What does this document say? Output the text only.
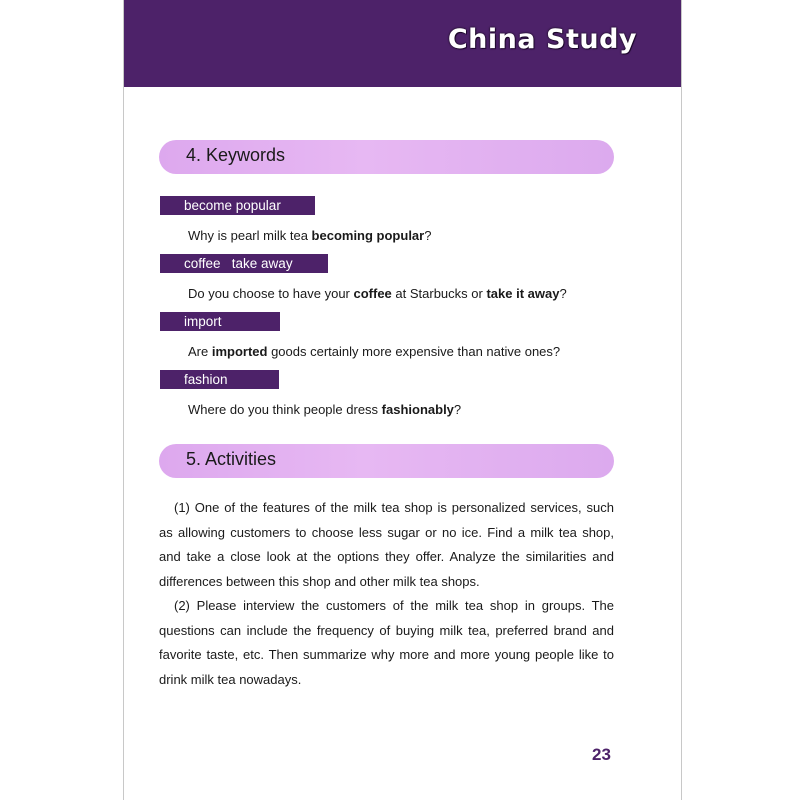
China Study
4. Keywords
become popular
Why is pearl milk tea becoming popular?
coffee   take away
Do you choose to have your coffee at Starbucks or take it away?
import
Are imported goods certainly more expensive than native ones?
fashion
Where do you think people dress fashionably?
5. Activities

(1) One of the features of the milk tea shop is personalized services, such as allowing customers to choose less sugar or no ice. Find a milk tea shop, and take a close look at the options they offer. Analyze the similarities and differences between this shop and other milk tea shops.

(2) Please interview the customers of the milk tea shop in groups. The questions can include the frequency of buying milk tea, preferred brand and favorite taste, etc. Then summarize why more and more young people like to drink milk tea nowadays.

23
